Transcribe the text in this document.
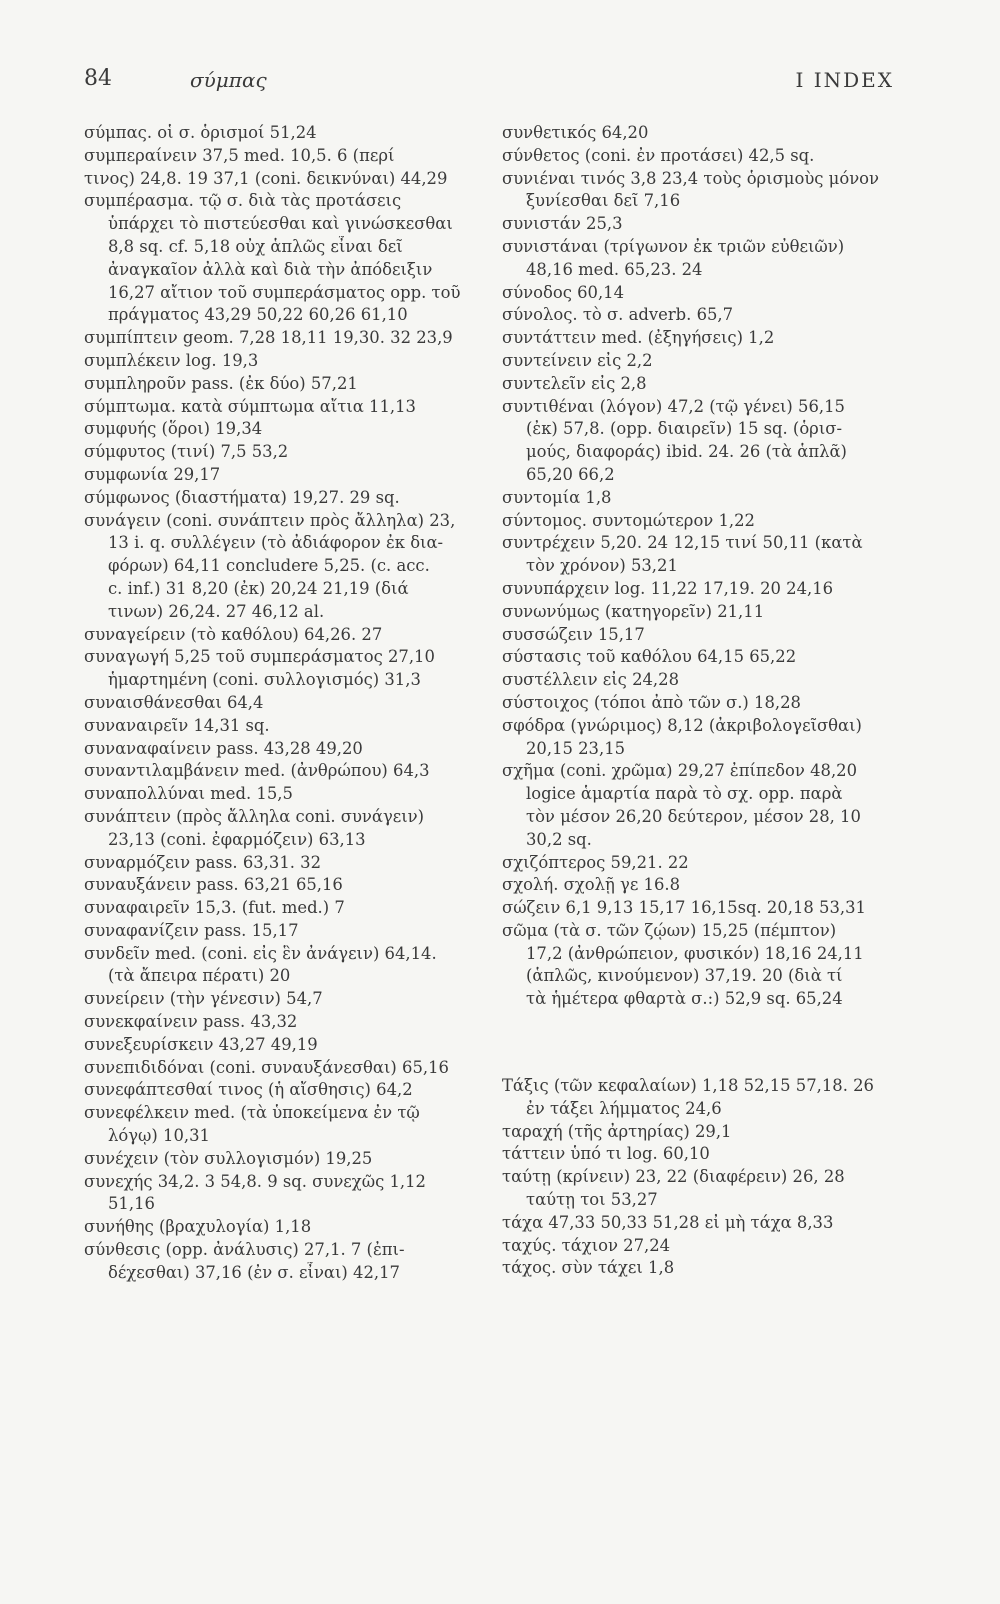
84	σύμπας	I INDEX
σύμπας. οἱ σ. ὁρισμοί 51,24
συμπεραίνειν 37,5 med. 10,5. 6 (περί
τινος) 24,8. 19 37,1 (coni. δεικνύναι) 44,29
συμπέρασμα. τῷ σ. διὰ τὰς προτάσεις
ὑπάρχει τὸ πιστεύεσθαι καὶ γινώσκεσθαι
8,8 sq. cf. 5,18 οὐχ ἁπλῶς εἶναι δεῖ
ἀναγκαῖον ἀλλὰ καὶ διὰ τὴν ἀπόδειξιν
16,27 αἴτιον τοῦ συμπεράσματος opp. τοῦ
πράγματος 43,29 50,22 60,26 61,10
συμπίπτειν geom. 7,28 18,11 19,30. 32 23,9
συμπλέκειν log. 19,3
συμπληροῦν pass. (ἐκ δύο) 57,21
σύμπτωμα. κατὰ σύμπτωμα αἴτια 11,13
συμφυής (ὅροι) 19,34
σύμφυτος (τινί) 7,5 53,2
συμφωνία 29,17
σύμφωνος (διαστήματα) 19,27. 29 sq.
συνάγειν (coni. συνάπτειν πρὸς ἄλληλα) 23,
13 i. q. συλλέγειν (τὸ ἀδιάφορον ἐκ δια-
φόρων) 64,11 concludere 5,25. (c. acc.
c. inf.) 31 8,20 (ἐκ) 20,24 21,19 (διά
τινων) 26,24. 27 46,12 al.
συναγείρειν (τὸ καθόλου) 64,26. 27
συναγωγή 5,25 τοῦ συμπεράσματος 27,10
ἡμαρτημένη (coni. συλλογισμός) 31,3
συναισθάνεσθαι 64,4
συναναιρεῖν 14,31 sq.
συναναφαίνειν pass. 43,28 49,20
συναντιλαμβάνειν med. (ἀνθρώπου) 64,3
συναπολλύναι med. 15,5
συνάπτειν (πρὸς ἄλληλα coni. συνάγειν)
23,13 (coni. ἐφαρμόζειν) 63,13
συναρμόζειν pass. 63,31. 32
συναυξάνειν pass. 63,21 65,16
συναφαιρεῖν 15,3. (fut. med.) 7
συναφανίζειν pass. 15,17
συνδεῖν med. (coni. εἰς ἓν ἀνάγειν) 64,14.
(τὰ ἄπειρα πέρατι) 20
συνείρειν (τὴν γένεσιν) 54,7
συνεκφαίνειν pass. 43,32
συνεξευρίσκειν 43,27 49,19
συνεπιδιδόναι (coni. συναυξάνεσθαι) 65,16
συνεφάπτεσθαί τινος (ἡ αἴσθησις) 64,2
συνεφέλκειν med. (τὰ ὑποκείμενα ἐν τῷ
λόγῳ) 10,31
συνέχειν (τὸν συλλογισμόν) 19,25
συνεχής 34,2. 3 54,8. 9 sq. συνεχῶς 1,12
51,16
συνήθης (βραχυλογία) 1,18
σύνθεσις (opp. ἀνάλυσις) 27,1. 7 (ἐπι-
δέχεσθαι) 37,16 (ἐν σ. εἶναι) 42,17
συνθετικός 64,20
σύνθετος (coni. ἐν προτάσει) 42,5 sq.
συνιέναι τινός 3,8 23,4 τοὺς ὁρισμοὺς μόνον
ξυνίεσθαι δεῖ 7,16
συνιστάν 25,3
συνιστάναι (τρίγωνον ἐκ τριῶν εὐθειῶν)
48,16 med. 65,23. 24
σύνοδος 60,14
σύνολος. τὸ σ. adverb. 65,7
συντάττειν med. (ἐξηγήσεις) 1,2
συντείνειν εἰς 2,2
συντελεῖν εἰς 2,8
συντιθέναι (λόγον) 47,2 (τῷ γένει) 56,15
(ἐκ) 57,8. (opp. διαιρεῖν) 15 sq. (ὁρισ-
μούς, διαφοράς) ibid. 24. 26 (τὰ ἁπλᾶ)
65,20 66,2
συντομία 1,8
σύντομος. συντομώτερον 1,22
συντρέχειν 5,20. 24 12,15 τινί 50,11 (κατὰ
τὸν χρόνον) 53,21
συνυπάρχειν log. 11,22 17,19. 20 24,16
συνωνύμως (κατηγορεῖν) 21,11
συσσώζειν 15,17
σύστασις τοῦ καθόλου 64,15 65,22
συστέλλειν εἰς 24,28
σύστοιχος (τόποι ἀπὸ τῶν σ.) 18,28
σφόδρα (γνώριμος) 8,12 (ἀκριβολογεῖσθαι)
20,15 23,15
σχῆμα (coni. χρῶμα) 29,27 ἐπίπεδον 48,20
logice ἁμαρτία παρὰ τὸ σχ. opp. παρὰ
τὸν μέσον 26,20 δεύτερον, μέσον 28, 10
30,2 sq.
σχιζόπτερος 59,21. 22
σχολή. σχολῇ γε 16.8
σώζειν 6,1 9,13 15,17 16,15sq. 20,18 53,31
σῶμα (τὰ σ. τῶν ζῴων) 15,25 (πέμπτον)
17,2 (ἀνθρώπειον, φυσικόν) 18,16 24,11
(ἁπλῶς, κινούμενον) 37,19. 20 (διὰ τί
τὰ ἡμέτερα φθαρτὰ σ.:) 52,9 sq. 65,24
Τάξις (τῶν κεφαλαίων) 1,18 52,15 57,18. 26
ἐν τάξει λήμματος 24,6
ταραχή (τῆς ἀρτηρίας) 29,1
τάττειν ὑπό τι log. 60,10
ταύτῃ (κρίνειν) 23, 22 (διαφέρειν) 26, 28
ταύτῃ τοι 53,27
τάχα 47,33 50,33 51,28 εἰ μὴ τάχα 8,33
ταχύς. τάχιον 27,24
τάχος. σὺν τάχει 1,8
